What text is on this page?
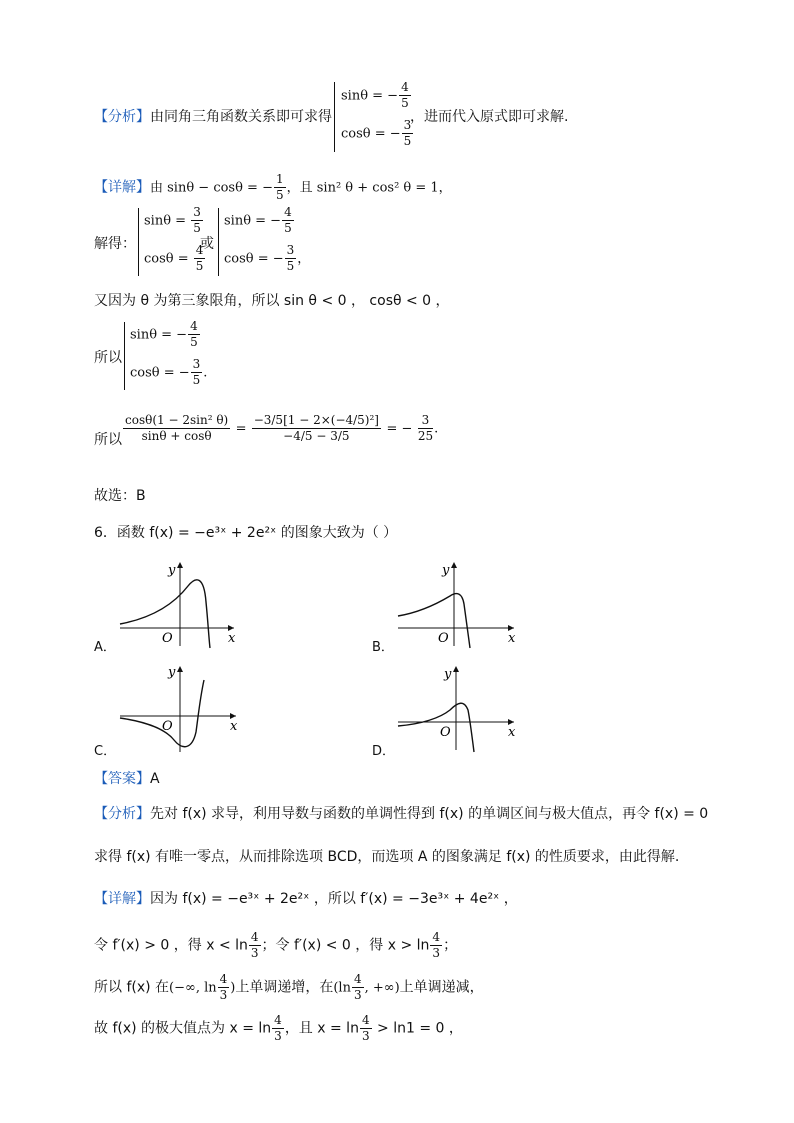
【分析】由同角三角函数关系即可求得
sinθ = − $\frac{4}{5}$
cosθ = − $\frac{3}{5}$
，进而代入原式即可求解.
【详解】由 sinθ − cosθ = − $\frac{1}{5}$ ，且 sin² θ + cos² θ = 1，
解得：
$\sin\theta = \frac{3}{5}$
$\cos\theta = \frac{4}{5}$
或
sinθ = − $\frac{4}{5}$
cosθ = − $\frac{3}{5}$ ，
又因为 θ 为第三象限角，所以 sin θ < 0 ， cosθ < 0 ，
所以
sinθ = − $\frac{4}{5}$
cosθ = − $\frac{3}{5}$ .
所以 $\frac{\text{cosθ(1 − 2sin² θ)}}{\sin\theta + \cos\theta} = \frac{\text{−3/5[1 − 2×(−4/5)²]}}{-4/5 - 3/5}$ = − $\frac{3}{25}$ .
故选：B
6．函数 f(x) = −e³ˣ + 2e²ˣ 的图象大致为（ ）
y
x
O
A．
y
x
O
B．
y
x
O
C．
y
x
O
D．
【答案】A
【分析】先对 f(x) 求导，利用导数与函数的单调性得到 f(x) 的单调区间与极大值点，再令 f(x) = 0
求得 f(x) 有唯一零点，从而排除选项 BCD，而选项 A 的图象满足 f(x) 的性质要求，由此得解.
【详解】因为 f(x) = −e³ˣ + 2e²ˣ ，所以 f′(x) = −3e³ˣ + 4e²ˣ ，
令 f′(x) > 0 ，得 $x < \ln \frac{4}{3}$ ；令 f′(x) < 0 ，得 $x > \ln \frac{4}{3}$ ；
所以 f(x) 在(−∞, $\ln \frac{4}{3}$ )上单调递增，在($\ln \frac{4}{3}$ , +∞)上单调递减，
故 f(x) 的极大值点为 $x = \ln \frac{4}{3}$ ，且 $x = \ln \frac{4}{3} > \ln 1 = 0$ ，
